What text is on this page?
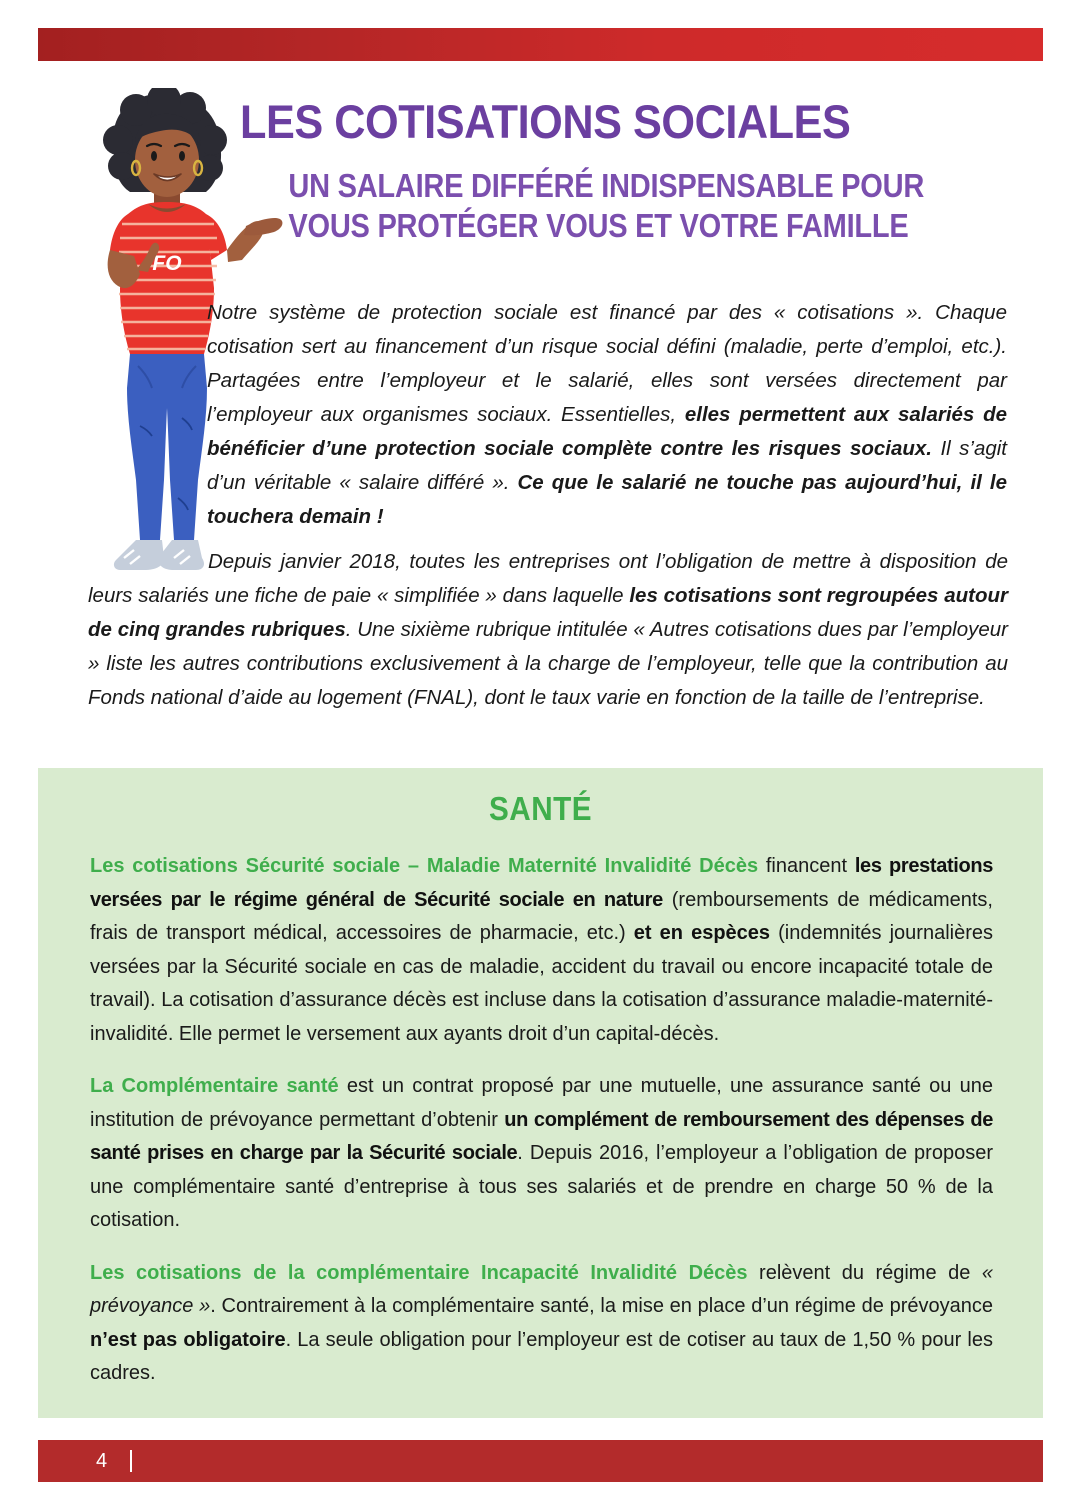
FO
LES COTISATIONS SOCIALES
UN SALAIRE DIFFÉRÉ INDISPENSABLE POUR
VOUS PROTÉGER VOUS ET VOTRE FAMILLE

Notre système de protection sociale est financé par des « cotisations ». Chaque cotisation sert au financement d’un risque social défini (maladie, perte d’emploi, etc.). Partagées entre l’employeur et le salarié, elles sont versées directement par l’employeur aux organismes sociaux. Essentielles, elles permettent aux salariés de bénéficier d’une protection sociale complète contre les risques sociaux. Il s’agit d’un véritable « salaire différé ». Ce que le salarié ne touche pas aujourd’hui, il le touchera demain !

Depuis janvier 2018, toutes les entreprises ont l’obligation de mettre à disposition de leurs salariés une fiche de paie « simplifiée » dans laquelle les cotisations sont regroupées autour de cinq grandes rubriques. Une sixième rubrique intitulée « Autres cotisations dues par l’employeur » liste les autres contributions exclusivement à la charge de l’employeur, telle que la contribution au Fonds national d’aide au logement (FNAL), dont le taux varie en fonction de la taille de l’entreprise.

SANTÉ

Les cotisations Sécurité sociale – Maladie Maternité Invalidité Décès financent les prestations versées par le régime général de Sécurité sociale en nature (remboursements de médicaments, frais de transport médical, accessoires de pharmacie, etc.) et en espèces (indemnités journalières versées par la Sécurité sociale en cas de maladie, accident du travail ou encore incapacité totale de travail). La cotisation d’assurance décès est incluse dans la cotisation d’assurance maladie-maternité-invalidité. Elle permet le versement aux ayants droit d’un capital-décès.

La Complémentaire santé est un contrat proposé par une mutuelle, une assurance santé ou une institution de prévoyance permettant d’obtenir un complément de remboursement des dépenses de santé prises en charge par la Sécurité sociale. Depuis 2016, l’employeur a l’obligation de proposer une complémentaire santé d’entreprise à tous ses salariés et de prendre en charge 50 % de la cotisation.

Les cotisations de la complémentaire Incapacité Invalidité Décès relèvent du régime de « prévoyance ». Contrairement à la complémentaire santé, la mise en place d’un régime de prévoyance n’est pas obligatoire. La seule obligation pour l’employeur est de cotiser au taux de 1,50 % pour les cadres.

4
